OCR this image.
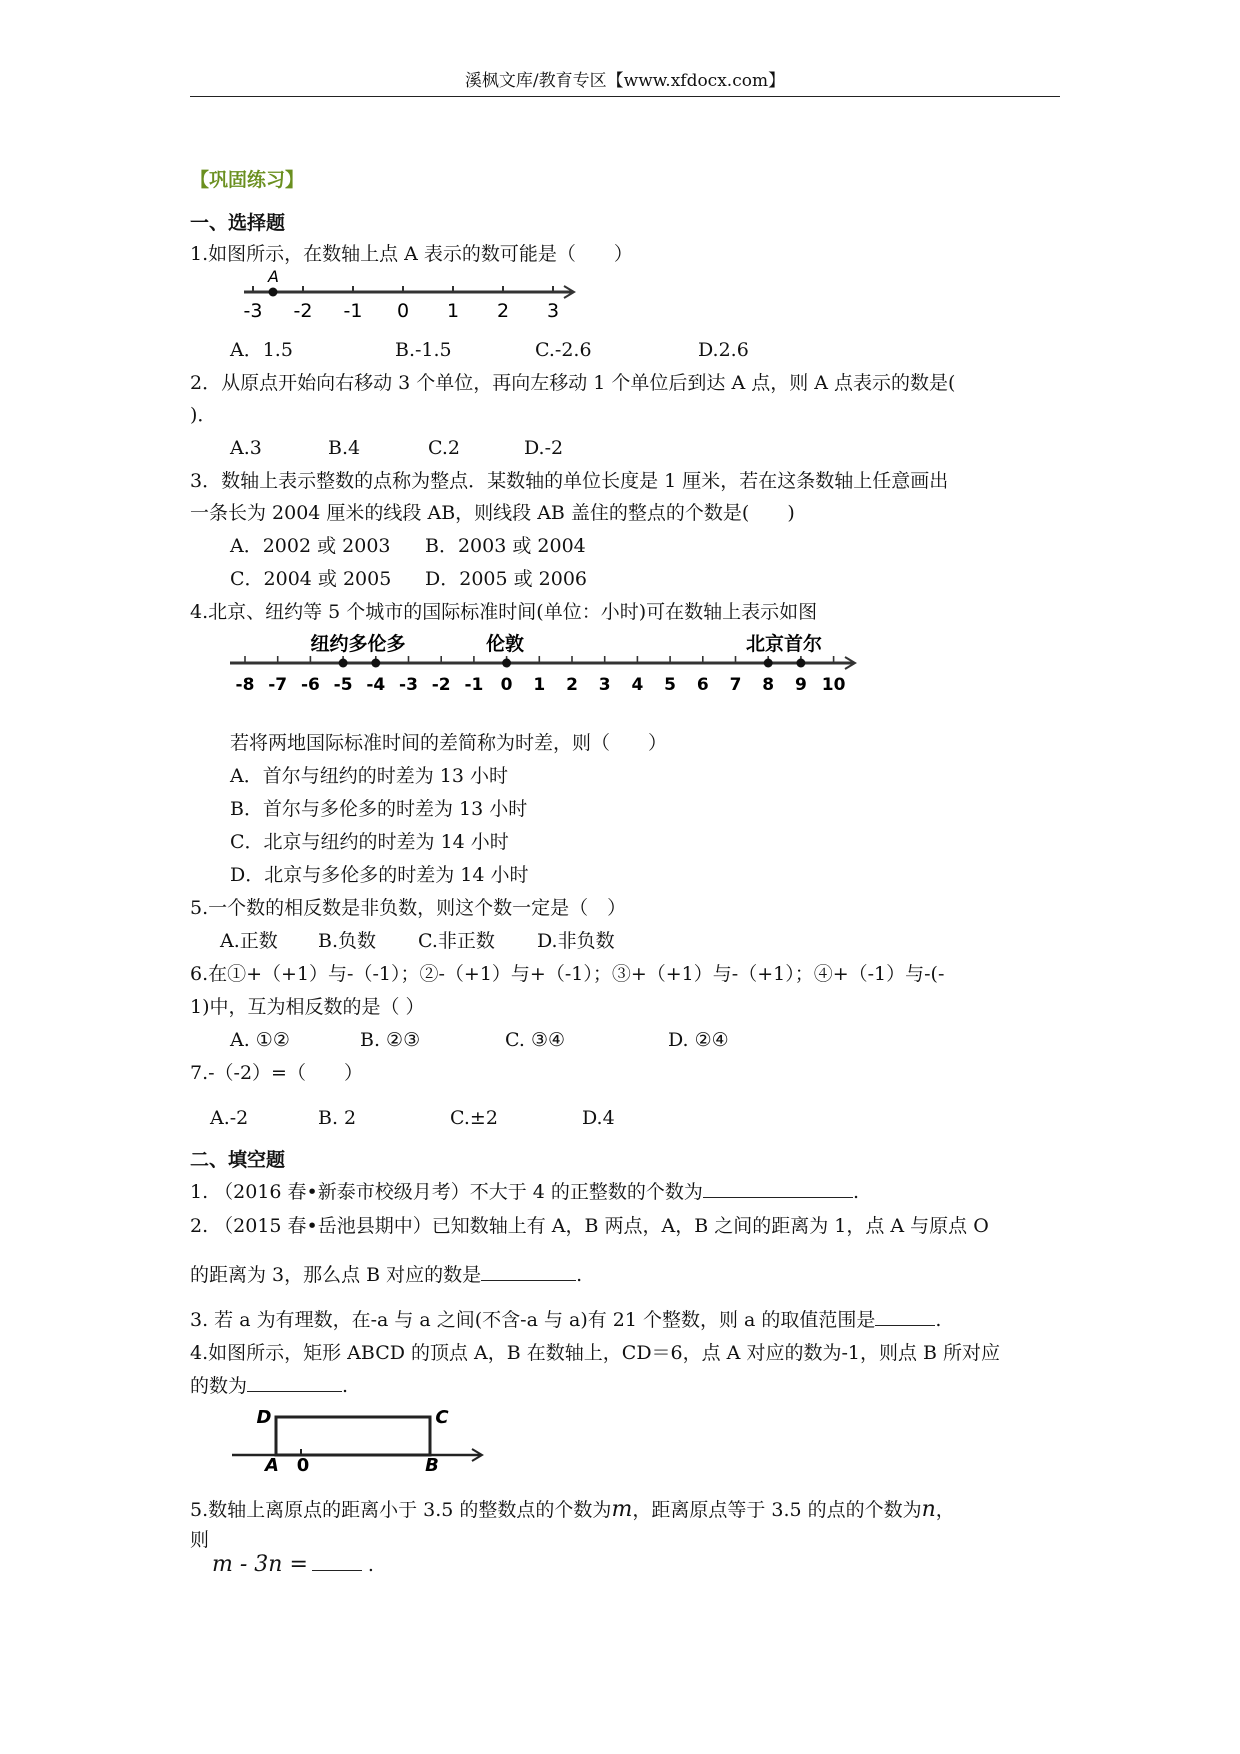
溪枫文库/教育专区【www.xfdocx.com】
【巩固练习】
一、选择题
1.如图所示，在数轴上点 A 表示的数可能是（　　）
A
-3 -2 -1 0 1 2 3
A．1.5	B.-1.5	C.-2.6	D.2.6
2．从原点开始向右移动 3 个单位，再向左移动 1 个单位后到达 A 点，则 A 点表示的数是(
)．
A.3	B.4	C.2	D.-2
3．数轴上表示整数的点称为整点．某数轴的单位长度是 1 厘米，若在这条数轴上任意画出
一条长为 2004 厘米的线段 AB，则线段 AB 盖住的整点的个数是(　　)
A．2002 或 2003 B．2003 或 2004
C．2004 或 2005 D．2005 或 2006
4.北京、纽约等 5 个城市的国际标准时间(单位：小时)可在数轴上表示如图
纽约多伦多	伦敦	北京首尔
-8 -7 -6 -5 -4 -3 -2 -1 0 1 2 3 4 5 6 7 8 9 10
若将两地国际标准时间的差简称为时差，则（　　）
A．首尔与纽约的时差为 13 小时
B．首尔与多伦多的时差为 13 小时
C．北京与纽约的时差为 14 小时
D．北京与多伦多的时差为 14 小时
5.一个数的相反数是非负数，则这个数一定是（　）
A.正数 B.负数 C.非正数 D.非负数
6.在①+（+1）与-（-1）；②-（+1）与+（-1）；③+（+1）与-（+1）；④+（-1）与-(-
1)中，互为相反数的是（ ）
A. ①②	B. ②③	C. ③④	D. ②④
7.-（-2）=（　　）
A.-2	B. 2	C.±2	D.4
二、填空题
1. （2016 春•新泰市校级月考）不大于 4 的正整数的个数为	.
2. （2015 春•岳池县期中）已知数轴上有 A，B 两点，A，B 之间的距离为 1，点 A 与原点 O
的距离为 3，那么点 B 对应的数是	.
3. 若 a 为有理数，在-a 与 a 之间(不含-a 与 a)有 21 个整数，则 a 的取值范围是	.
4.如图所示，矩形 ABCD 的顶点 A，B 在数轴上，CD＝6，点 A 对应的数为-1，则点 B 所对应
的数为	.
D	C
A	B
0
5.数轴上离原点的距离小于 3.5 的整数点的个数为m，距离原点等于 3.5 的点的个数为n，
则
m - 3n =	.
